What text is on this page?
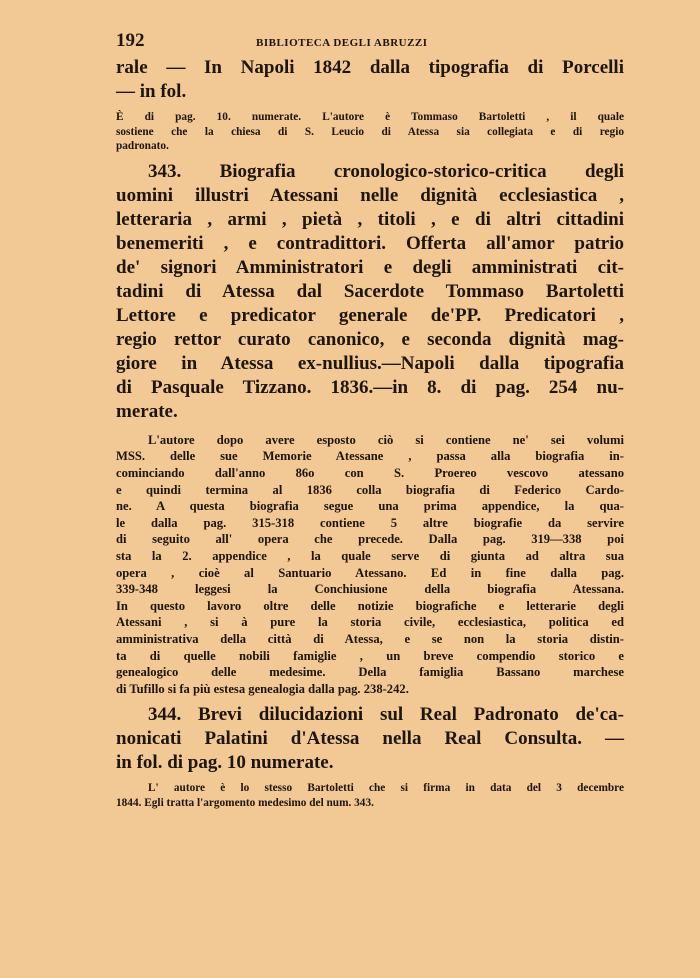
192	BIBLIOTECA DEGLI ABRUZZI
rale — In Napoli 1842 dalla tipografia di Porcelli
— in fol.
È di pag. 10. numerate. L'autore è Tommaso Bartoletti , il quale
sostiene che la chiesa di S. Leucio di Atessa sia collegiata e di regio
padronato.
343. Biografia cronologico-storico-critica degli
uomini illustri Atessani nelle dignità ecclesiastica ,
letteraria , armi , pietà , titoli , e di altri cittadini
benemeriti , e contradittori. Offerta all'amor patrio
de' signori Amministratori e degli amministrati cit-
tadini di Atessa dal Sacerdote Tommaso Bartoletti
Lettore e predicator generale de'PP. Predicatori ,
regio rettor curato canonico, e seconda dignità mag-
giore in Atessa ex-nullius.—Napoli dalla tipografia
di Pasquale Tizzano. 1836.—in 8. di pag. 254 nu-
merate.
L'autore dopo avere esposto ciò si contiene ne' sei volumi
MSS. delle sue Memorie Atessane , passa alla biografia in-
cominciando dall'anno 86o con S. Proereo vescovo atessano
e quindi termina al 1836 colla biografia di Federico Cardo-
ne. A questa biografia segue una prima appendice, la qua-
le dalla pag. 315-318 contiene 5 altre biografie da servire
di seguito all' opera che precede. Dalla pag. 319—338 poi
sta la 2. appendice , la quale serve di giunta ad altra sua
opera , cioè al Santuario Atessano. Ed in fine dalla pag.
339-348 leggesi la Conchiusione della biografia Atessana.
In questo lavoro oltre delle notizie biografiche e letterarie degli
Atessani , si à pure la storia civile, ecclesiastica, politica ed
amministrativa della città di Atessa, e se non la storia distin-
ta di quelle nobili famiglie , un breve compendio storico e
genealogico delle medesime. Della famiglia Bassano marchese
di Tufillo si fa più estesa genealogia dalla pag. 238-242.
344. Brevi dilucidazioni sul Real Padronato de'ca-
nonicati Palatini d'Atessa nella Real Consulta. —
in fol. di pag. 10 numerate.
L' autore è lo stesso Bartoletti che si firma in data del 3 decembre
1844. Egli tratta l'argomento medesimo del num. 343.
